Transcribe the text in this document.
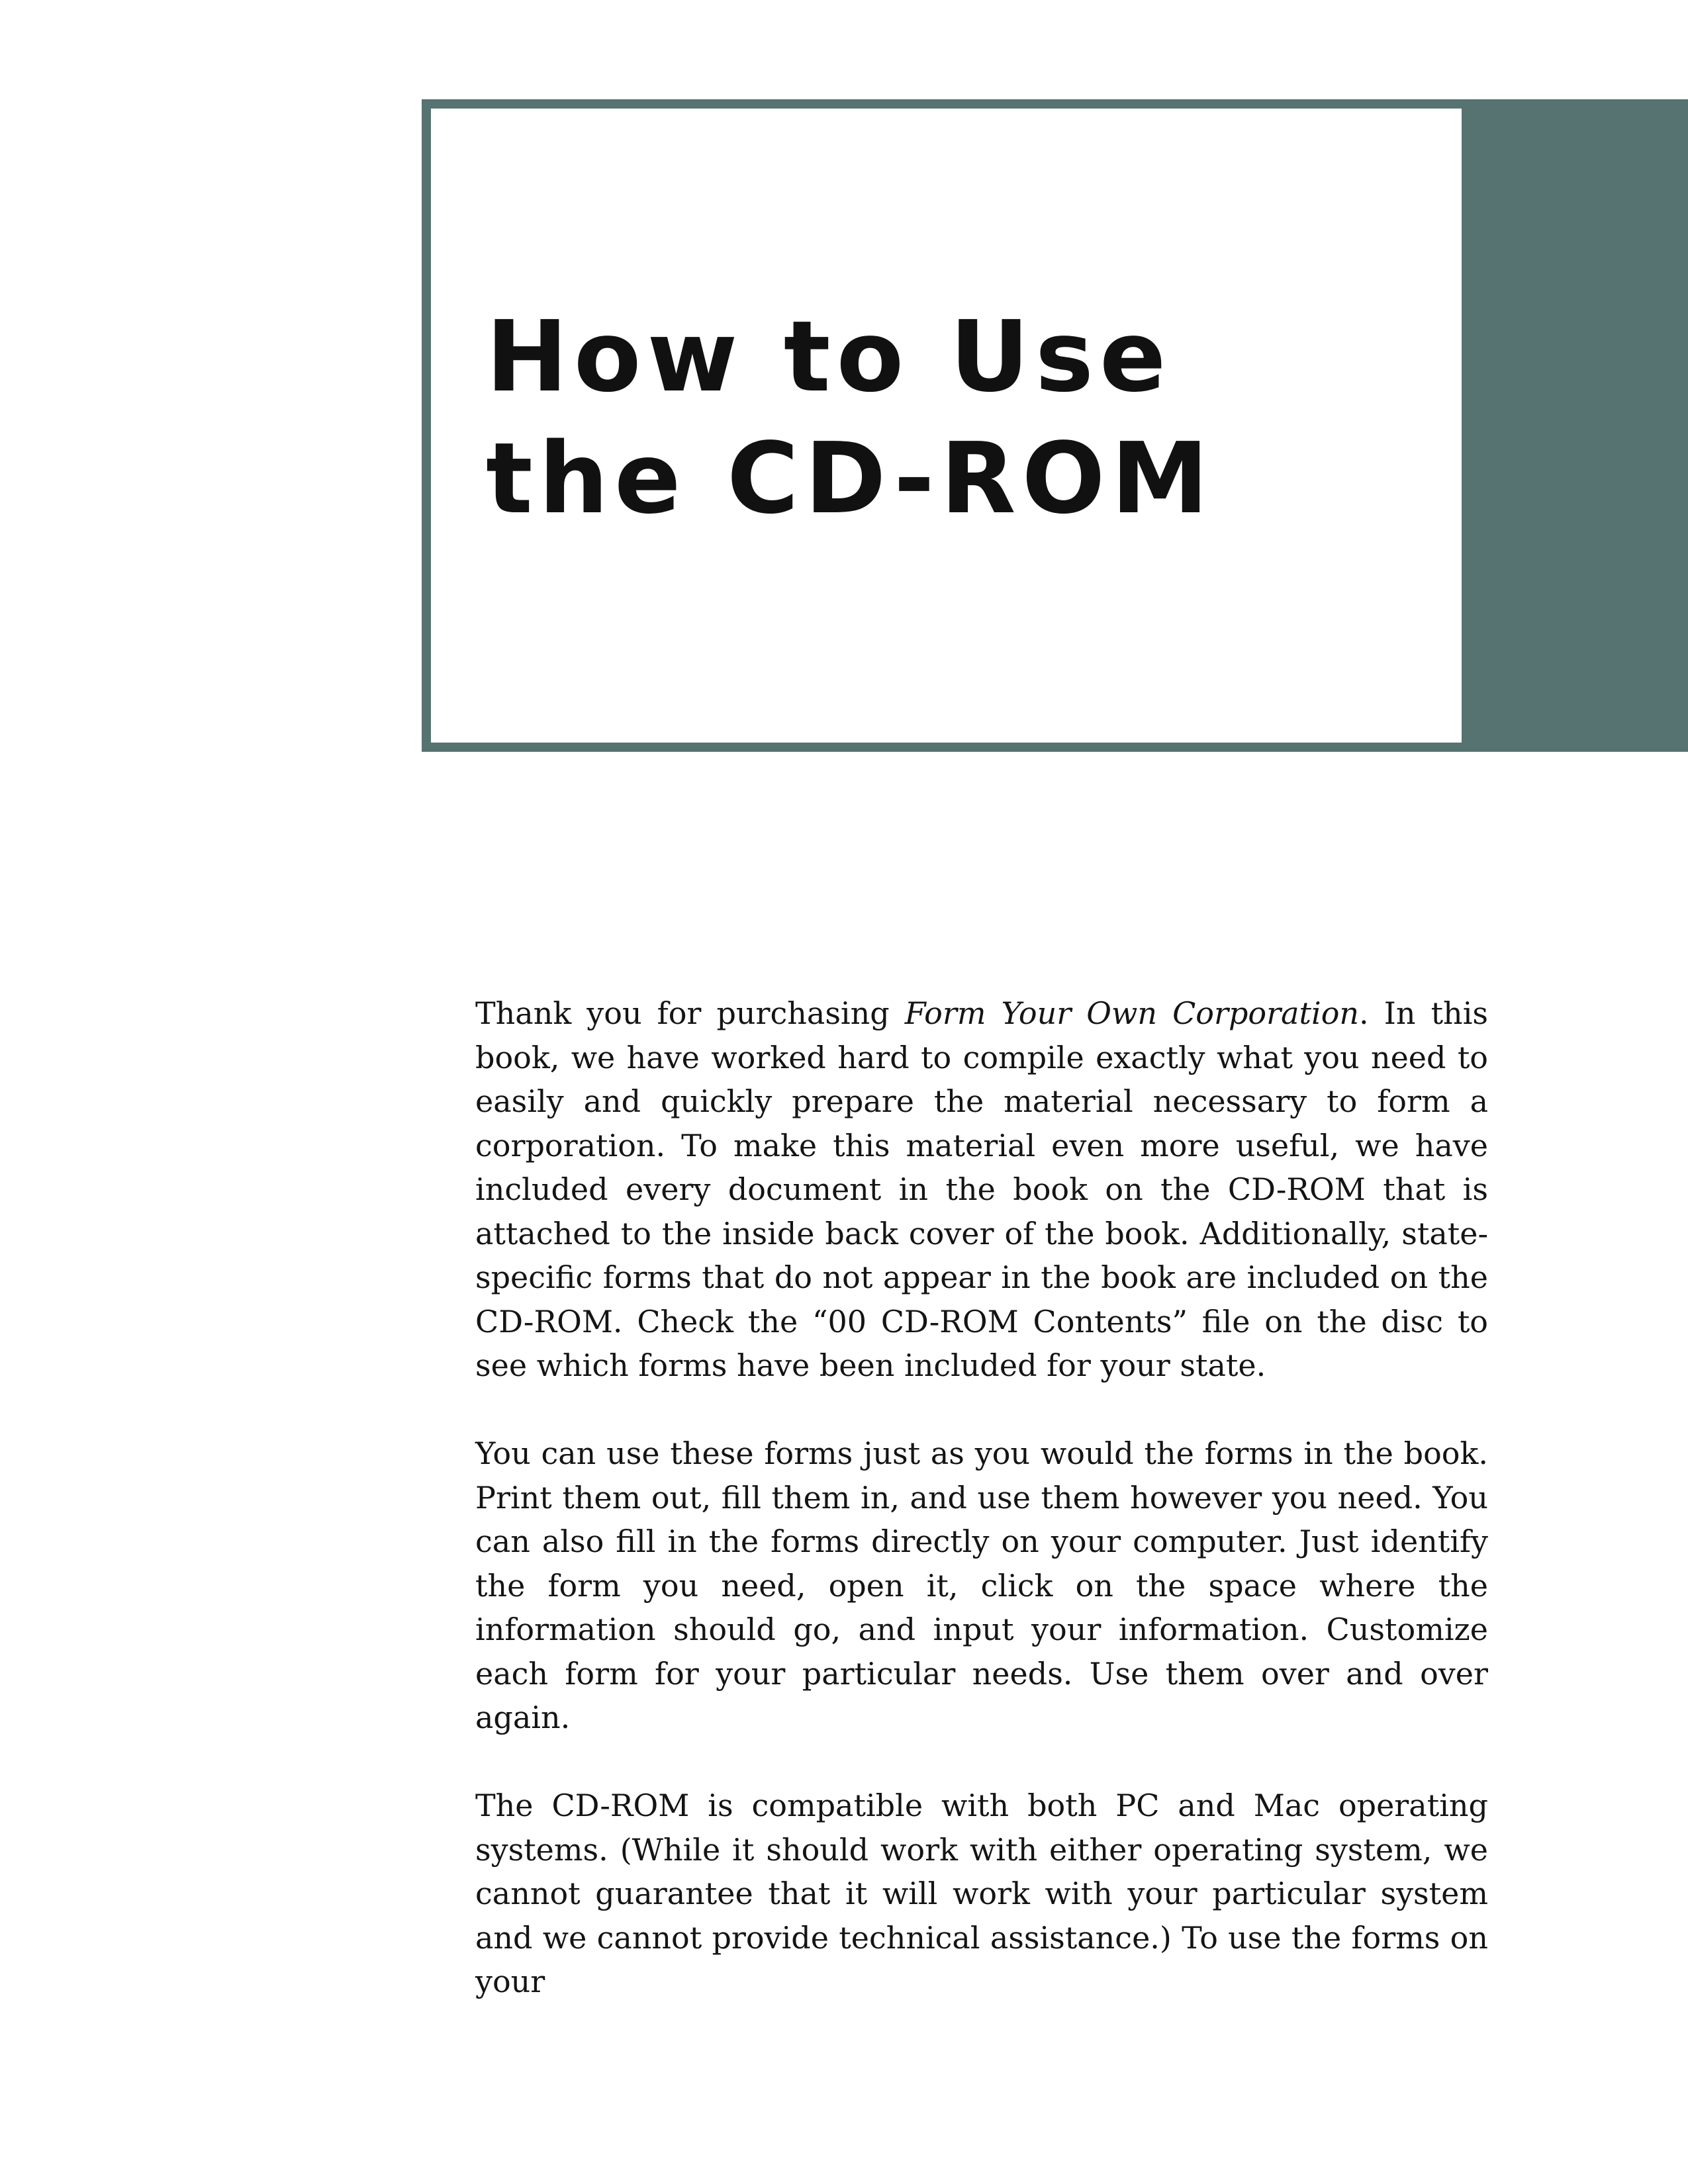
How to Use
the CD-ROM

Thank you for purchasing Form Your Own Corporation. In this book, we have worked hard to compile exactly what you need to easily and quickly prepare the material necessary to form a corporation. To make this material even more useful, we have included every document in the book on the CD-ROM that is attached to the inside back cover of the book. Additionally, state-specific forms that do not appear in the book are included on the CD-ROM. Check the “00 CD-ROM Contents” file on the disc to see which forms have been included for your state.

You can use these forms just as you would the forms in the book. Print them out, fill them in, and use them however you need. You can also fill in the forms directly on your computer. Just identify the form you need, open it, click on the space where the information should go, and input your information. Customize each form for your particular needs. Use them over and over again.

The CD-ROM is compatible with both PC and Mac operating systems. (While it should work with either operating system, we cannot guarantee that it will work with your particular system and we cannot provide technical assistance.) To use the forms on your
